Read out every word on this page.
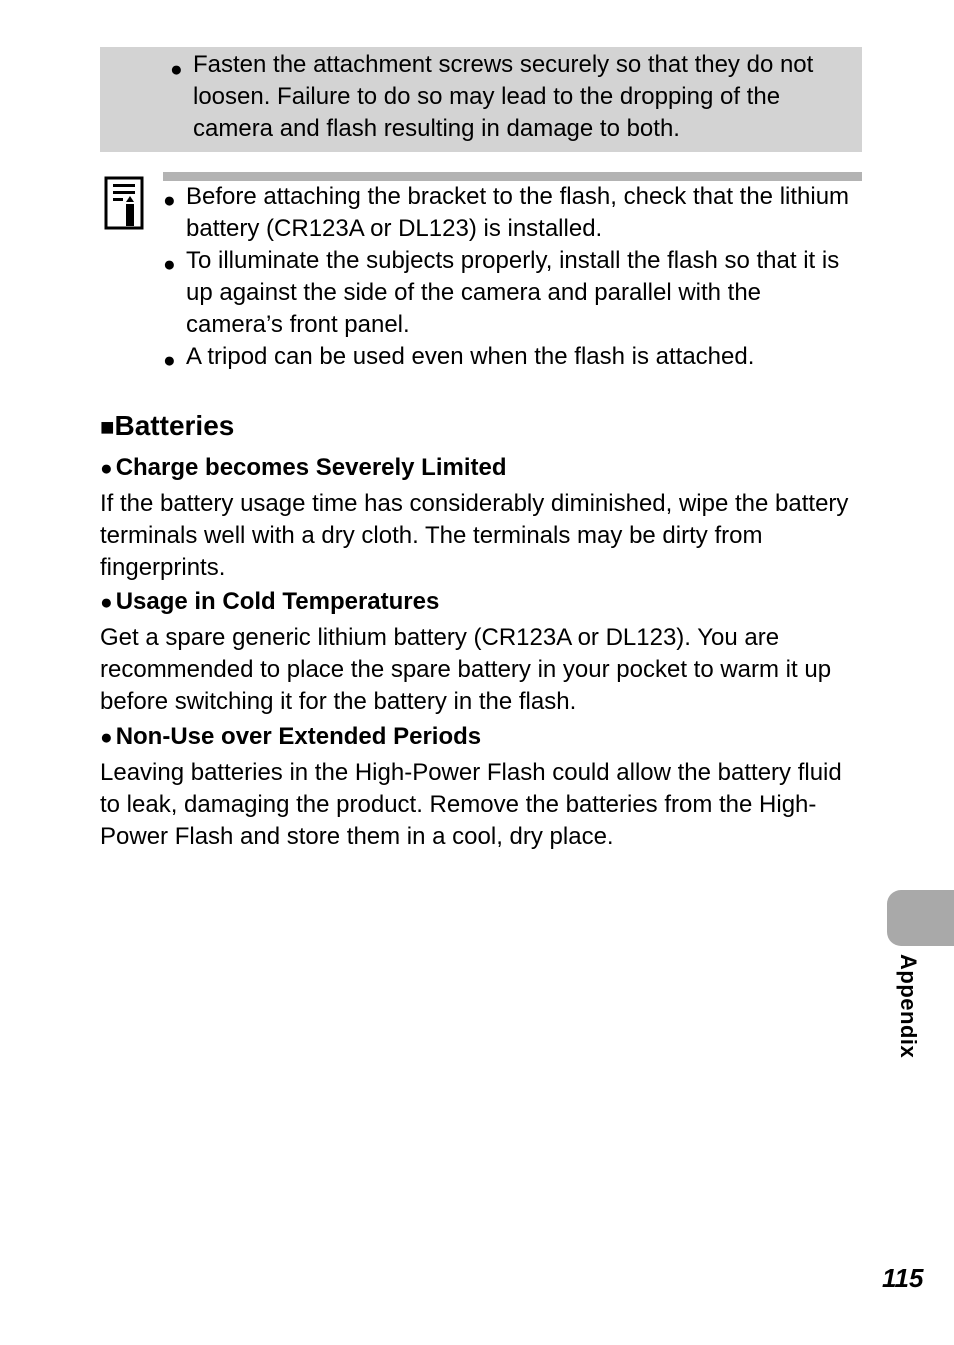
● Fasten the attachment screws securely so that they do not loosen. Failure to do so may lead to the dropping of the camera and flash resulting in damage to both.
● Before attaching the bracket to the flash, check that the lithium battery (CR123A or DL123) is installed.
● To illuminate the subjects properly, install the flash so that it is up against the side of the camera and parallel with the camera’s front panel.
● A tripod can be used even when the flash is attached.
■Batteries
● Charge becomes Severely Limited
If the battery usage time has considerably diminished, wipe the battery terminals well with a dry cloth. The terminals may be dirty from fingerprints.
● Usage in Cold Temperatures
Get a spare generic lithium battery (CR123A or DL123). You are recommended to place the spare battery in your pocket to warm it up before switching it for the battery in the flash.
● Non-Use over Extended Periods
Leaving batteries in the High-Power Flash could allow the battery fluid to leak, damaging the product. Remove the batteries from the High-Power Flash and store them in a cool, dry place.
Appendix
115
